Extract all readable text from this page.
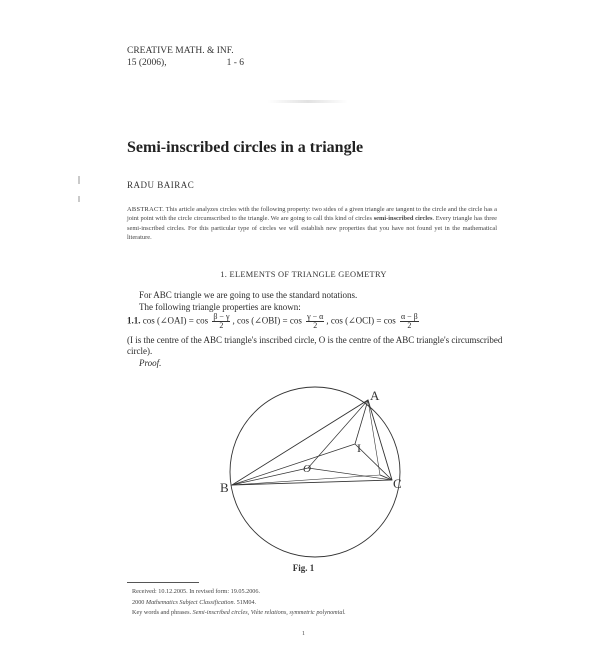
CREATIVE MATH. & INF.
15 (2006),	1 - 6
Semi-inscribed circles in a triangle
RADU BAIRAC
ABSTRACT. This article analyzes circles with the following property: two sides of a given triangle are tangent to the circle and the circle has a joint point with the circle circumscribed to the triangle. We are going to call this kind of circles semi-inscribed circles. Every triangle has three semi-inscribed circles. For this particular type of circles we will establish new properties that you have not found yet in the mathematical literature.
1. ELEMENTS OF TRIANGLE GEOMETRY
For ABC triangle we are going to use the standard notations.
The following triangle properties are known:
1.1. cos (∠OAI) = $\cos \frac{\beta - \gamma}{2}$ , cos (∠OBI) = $\cos \frac{\gamma - \alpha}{2}$ , cos (∠OCI) = $\cos \frac{\alpha - \beta}{2}$
(I is the centre of the ABC triangle's inscribed circle, O is the centre of the ABC triangle's circumscribed circle).
Proof.
A
B	C
I
O
Fig. 1
Received: 10.12.2005. In revised form: 19.05.2006.
2000 Mathematics Subject Classification. 51M04.
Key words and phrases. Semi-inscribed circles, Viète relations, symmetric polynomial.
1
